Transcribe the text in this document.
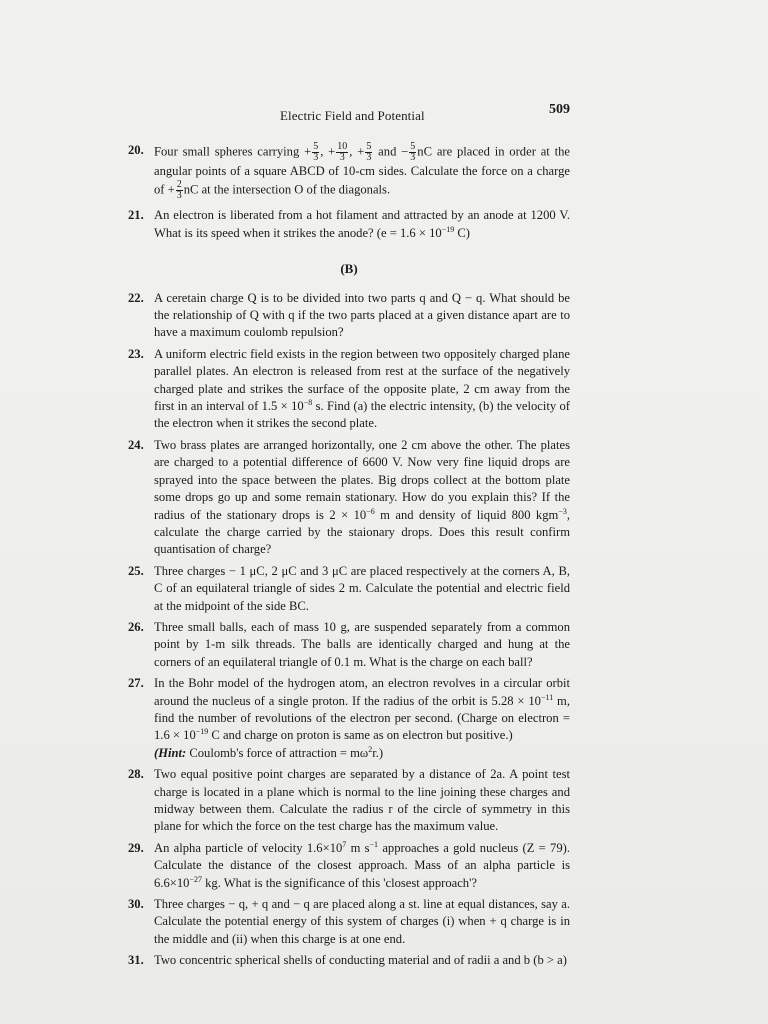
Electric Field and Potential	509
20. Four small spheres carrying + $\frac{5}{3}$ , + $\frac{10}{3}$ , + $\frac{5}{3}$ and − $\frac{5}{3}$ nC are placed in order at the angular points of a square ABCD of 10-cm sides. Calculate the force on a charge of + $\frac{2}{3}$ nC at the intersection O of the diagonals.
21. An electron is liberated from a hot filament and attracted by an anode at 1200 V. What is its speed when it strikes the anode? ($e = 1.6 \times 10^{-19}$ C)
(B)
22. A ceretain charge Q is to be divided into two parts q and Q − q. What should be the relationship of Q with q if the two parts placed at a given distance apart are to have a maximum coulomb repulsion?
23. A uniform electric field exists in the region between two oppositely charged plane parallel plates. An electron is released from rest at the surface of the negatively charged plate and strikes the surface of the opposite plate, 2 cm away from the first in an interval of $1.5 \times 10^{-8}$ s. Find (a) the electric intensity, (b) the velocity of the electron when it strikes the second plate.
24. Two brass plates are arranged horizontally, one 2 cm above the other. The plates are charged to a potential difference of 6600 V. Now very fine liquid drops are sprayed into the space between the plates. Big drops collect at the bottom plate some drops go up and some remain stationary. How do you explain this? If the radius of the stationary drops is $2 \times 10^{-6}$ m and density of liquid 800 kgm$^{-3}$, calculate the charge carried by the staionary drops. Does this result confirm quantisation of charge?
25. Three charges − 1 μC, 2 μC and 3 μC are placed respectively at the corners A, B, C of an equilateral triangle of sides 2 m. Calculate the potential and electric field at the midpoint of the side BC.
26. Three small balls, each of mass 10 g, are suspended separately from a common point by 1-m silk threads. The balls are identically charged and hung at the corners of an equilateral triangle of 0.1 m. What is the charge on each ball?
27. In the Bohr model of the hydrogen atom, an electron revolves in a circular orbit around the nucleus of a single proton. If the radius of the orbit is $5.28 \times 10^{-11}$ m, find the number of revolutions of the electron per second. (Charge on electron = $1.6 \times 10^{-19}$ C and charge on proton is same as on electron but positive.)
(Hint: Coulomb's force of attraction = $m\omega^2r$.)
28. Two equal positive point charges are separated by a distance of 2a. A point test charge is located in a plane which is normal to the line joining these charges and midway between them. Calculate the radius r of the circle of symmetry in this plane for which the force on the test charge has the maximum value.
29. An alpha particle of velocity $1.6\times 10^7$ m $s^{-1}$ approaches a gold nucleus (Z = 79). Calculate the distance of the closest approach. Mass of an alpha particle is $6.6\times 10^{-27}$ kg. What is the significance of this 'closest approach'?
30. Three charges − q, + q and − q are placed along a st. line at equal distances, say a. Calculate the potential energy of this system of charges (i) when + q charge is in the middle and (ii) when this charge is at one end.
31. Two concentric spherical shells of conducting material and of radii a and b (b > a)
